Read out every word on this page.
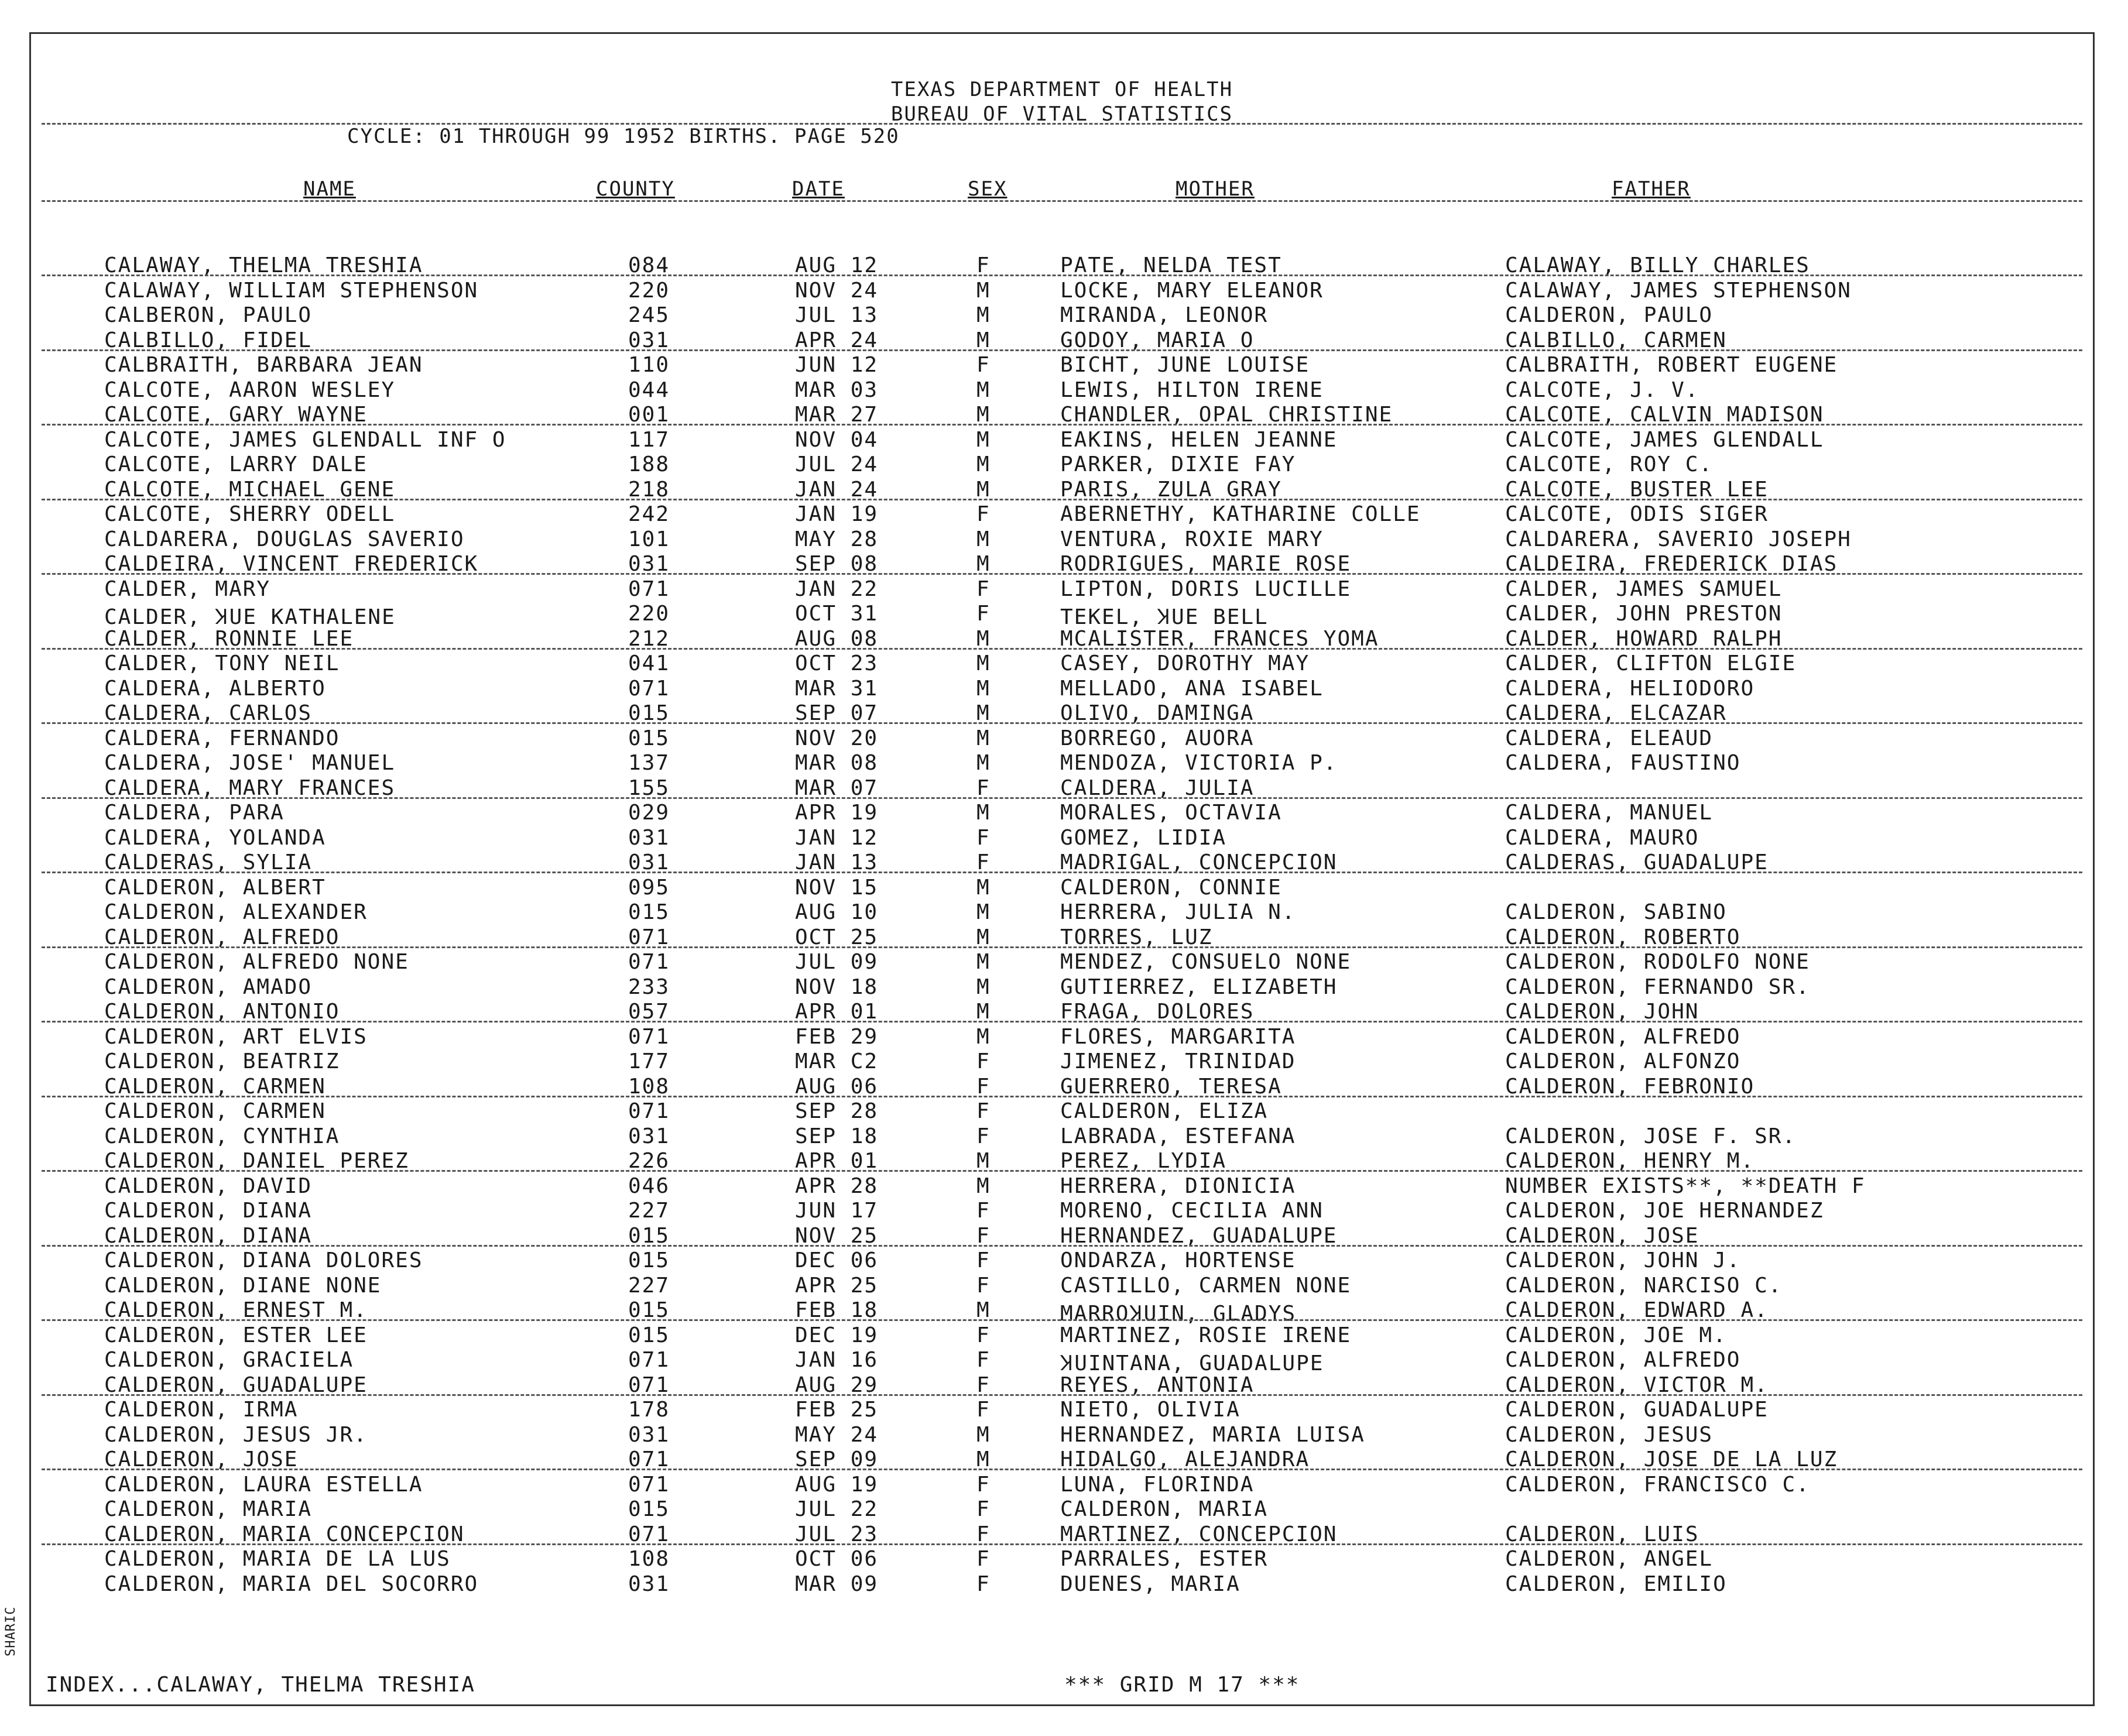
TEXAS DEPARTMENT OF HEALTH
BUREAU OF VITAL STATISTICS
CYCLE: 01 THROUGH 99 1952 BIRTHS. PAGE 520
NAME	COUNTY	DATE	SEX	MOTHER	FATHER
CALAWAY, THELMA TRESHIA	084	AUG 12	F	PATE, NELDA TEST	CALAWAY, BILLY CHARLES
CALAWAY, WILLIAM STEPHENSON	220	NOV 24	M	LOCKE, MARY ELEANOR	CALAWAY, JAMES STEPHENSON
CALBERON, PAULO	245	JUL 13	M	MIRANDA, LEONOR	CALDERON, PAULO
CALBILLO, FIDEL	031	APR 24	M	GODOY, MARIA O	CALBILLO, CARMEN
CALBRAITH, BARBARA JEAN	110	JUN 12	F	BICHT, JUNE LOUISE	CALBRAITH, ROBERT EUGENE
CALCOTE, AARON WESLEY	044	MAR 03	M	LEWIS, HILTON IRENE	CALCOTE, J. V.
CALCOTE, GARY WAYNE	001	MAR 27	M	CHANDLER, OPAL CHRISTINE	CALCOTE, CALVIN MADISON
CALCOTE, JAMES GLENDALL INF O	117	NOV 04	M	EAKINS, HELEN JEANNE	CALCOTE, JAMES GLENDALL
CALCOTE, LARRY DALE	188	JUL 24	M	PARKER, DIXIE FAY	CALCOTE, ROY C.
CALCOTE, MICHAEL GENE	218	JAN 24	M	PARIS, ZULA GRAY	CALCOTE, BUSTER LEE
CALCOTE, SHERRY ODELL	242	JAN 19	F	ABERNETHY, KATHARINE COLLE	CALCOTE, ODIS SIGER
CALDARERA, DOUGLAS SAVERIO	101	MAY 28	M	VENTURA, ROXIE MARY	CALDARERA, SAVERIO JOSEPH
CALDEIRA, VINCENT FREDERICK	031	SEP 08	M	RODRIGUES, MARIE ROSE	CALDEIRA, FREDERICK DIAS
CALDER, MARY	071	JAN 22	F	LIPTON, DORIS LUCILLE	CALDER, JAMES SAMUEL
CALDER, ꞰUE KATHALENE	220	OCT 31	F	TEKEL, ꞰUE BELL	CALDER, JOHN PRESTON
CALDER, RONNIE LEE	212	AUG 08	M	MCALISTER, FRANCES YOMA	CALDER, HOWARD RALPH
CALDER, TONY NEIL	041	OCT 23	M	CASEY, DOROTHY MAY	CALDER, CLIFTON ELGIE
CALDERA, ALBERTO	071	MAR 31	M	MELLADO, ANA ISABEL	CALDERA, HELIODORO
CALDERA, CARLOS	015	SEP 07	M	OLIVO, DAMINGA	CALDERA, ELCAZAR
CALDERA, FERNANDO	015	NOV 20	M	BORREGO, AUORA	CALDERA, ELEAUD
CALDERA, JOSE' MANUEL	137	MAR 08	M	MENDOZA, VICTORIA P.	CALDERA, FAUSTINO
CALDERA, MARY FRANCES	155	MAR 07	F	CALDERA, JULIA
CALDERA, PARA	029	APR 19	M	MORALES, OCTAVIA	CALDERA, MANUEL
CALDERA, YOLANDA	031	JAN 12	F	GOMEZ, LIDIA	CALDERA, MAURO
CALDERAS, SYLIA	031	JAN 13	F	MADRIGAL, CONCEPCION	CALDERAS, GUADALUPE
CALDERON, ALBERT	095	NOV 15	M	CALDERON, CONNIE
CALDERON, ALEXANDER	015	AUG 10	M	HERRERA, JULIA N.	CALDERON, SABINO
CALDERON, ALFREDO	071	OCT 25	M	TORRES, LUZ	CALDERON, ROBERTO
CALDERON, ALFREDO NONE	071	JUL 09	M	MENDEZ, CONSUELO NONE	CALDERON, RODOLFO NONE
CALDERON, AMADO	233	NOV 18	M	GUTIERREZ, ELIZABETH	CALDERON, FERNANDO SR.
CALDERON, ANTONIO	057	APR 01	M	FRAGA, DOLORES	CALDERON, JOHN
CALDERON, ART ELVIS	071	FEB 29	M	FLORES, MARGARITA	CALDERON, ALFREDO
CALDERON, BEATRIZ	177	MAR C2	F	JIMENEZ, TRINIDAD	CALDERON, ALFONZO
CALDERON, CARMEN	108	AUG 06	F	GUERRERO, TERESA	CALDERON, FEBRONIO
CALDERON, CARMEN	071	SEP 28	F	CALDERON, ELIZA
CALDERON, CYNTHIA	031	SEP 18	F	LABRADA, ESTEFANA	CALDERON, JOSE F. SR.
CALDERON, DANIEL PEREZ	226	APR 01	M	PEREZ, LYDIA	CALDERON, HENRY M.
CALDERON, DAVID	046	APR 28	M	HERRERA, DIONICIA	NUMBER EXISTS**, **DEATH F
CALDERON, DIANA	227	JUN 17	F	MORENO, CECILIA ANN	CALDERON, JOE HERNANDEZ
CALDERON, DIANA	015	NOV 25	F	HERNANDEZ, GUADALUPE	CALDERON, JOSE
CALDERON, DIANA DOLORES	015	DEC 06	F	ONDARZA, HORTENSE	CALDERON, JOHN J.
CALDERON, DIANE NONE	227	APR 25	F	CASTILLO, CARMEN NONE	CALDERON, NARCISO C.
CALDERON, ERNEST M.	015	FEB 18	M	MARROꞰUIN, GLADYS	CALDERON, EDWARD A.
CALDERON, ESTER LEE	015	DEC 19	F	MARTINEZ, ROSIE IRENE	CALDERON, JOE M.
CALDERON, GRACIELA	071	JAN 16	F	ꞰUINTANA, GUADALUPE	CALDERON, ALFREDO
CALDERON, GUADALUPE	071	AUG 29	F	REYES, ANTONIA	CALDERON, VICTOR M.
CALDERON, IRMA	178	FEB 25	F	NIETO, OLIVIA	CALDERON, GUADALUPE
CALDERON, JESUS JR.	031	MAY 24	M	HERNANDEZ, MARIA LUISA	CALDERON, JESUS
CALDERON, JOSE	071	SEP 09	M	HIDALGO, ALEJANDRA	CALDERON, JOSE DE LA LUZ
CALDERON, LAURA ESTELLA	071	AUG 19	F	LUNA, FLORINDA	CALDERON, FRANCISCO C.
CALDERON, MARIA	015	JUL 22	F	CALDERON, MARIA
CALDERON, MARIA CONCEPCION	071	JUL 23	F	MARTINEZ, CONCEPCION	CALDERON, LUIS
CALDERON, MARIA DE LA LUS	108	OCT 06	F	PARRALES, ESTER	CALDERON, ANGEL
CALDERON, MARIA DEL SOCORRO	031	MAR 09	F	DUENES, MARIA	CALDERON, EMILIO
INDEX...CALAWAY, THELMA TRESHIA	*** GRID M 17 ***
SHARIC
